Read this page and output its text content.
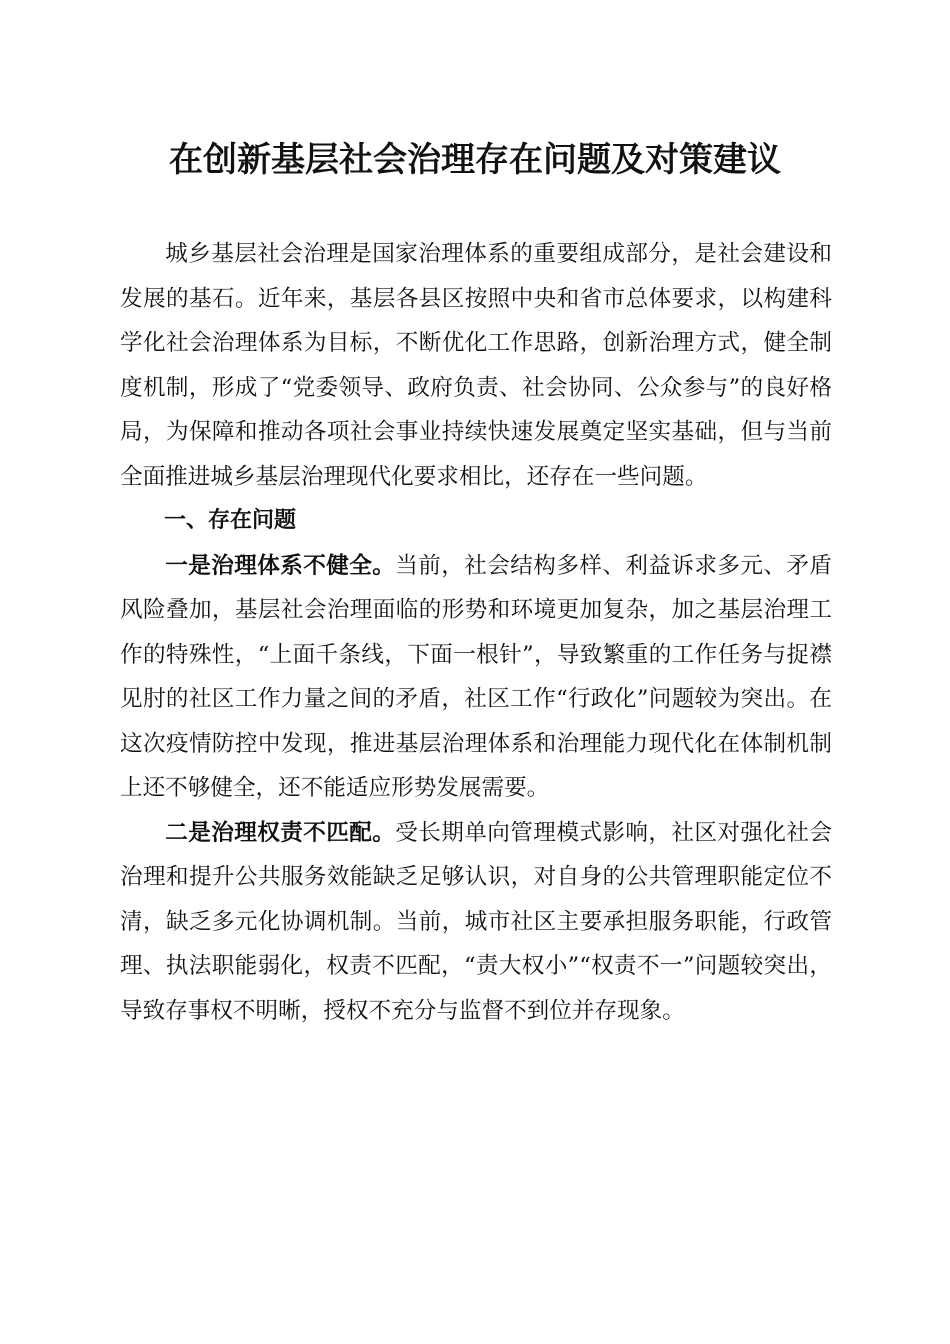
在创新基层社会治理存在问题及对策建议

城乡基层社会治理是国家治理体系的重要组成部分，是社会建设和发展的基石。近年来，基层各县区按照中央和省市总体要求，以构建科学化社会治理体系为目标，不断优化工作思路，创新治理方式，健全制度机制，形成了“党委领导、政府负责、社会协同、公众参与”的良好格局，为保障和推动各项社会事业持续快速发展奠定坚实基础，但与当前全面推进城乡基层治理现代化要求相比，还存在一些问题。

一、存在问题

一是治理体系不健全。当前，社会结构多样、利益诉求多元、矛盾风险叠加，基层社会治理面临的形势和环境更加复杂，加之基层治理工作的特殊性，“上面千条线，下面一根针”，导致繁重的工作任务与捉襟见肘的社区工作力量之间的矛盾，社区工作“行政化”问题较为突出。在这次疫情防控中发现，推进基层治理体系和治理能力现代化在体制机制上还不够健全，还不能适应形势发展需要。

二是治理权责不匹配。受长期单向管理模式影响，社区对强化社会治理和提升公共服务效能缺乏足够认识，对自身的公共管理职能定位不清，缺乏多元化协调机制。当前，城市社区主要承担服务职能，行政管理、执法职能弱化，权责不匹配，“责大权小”“权责不一”问题较突出，导致存事权不明晰，授权不充分与监督不到位并存现象。
